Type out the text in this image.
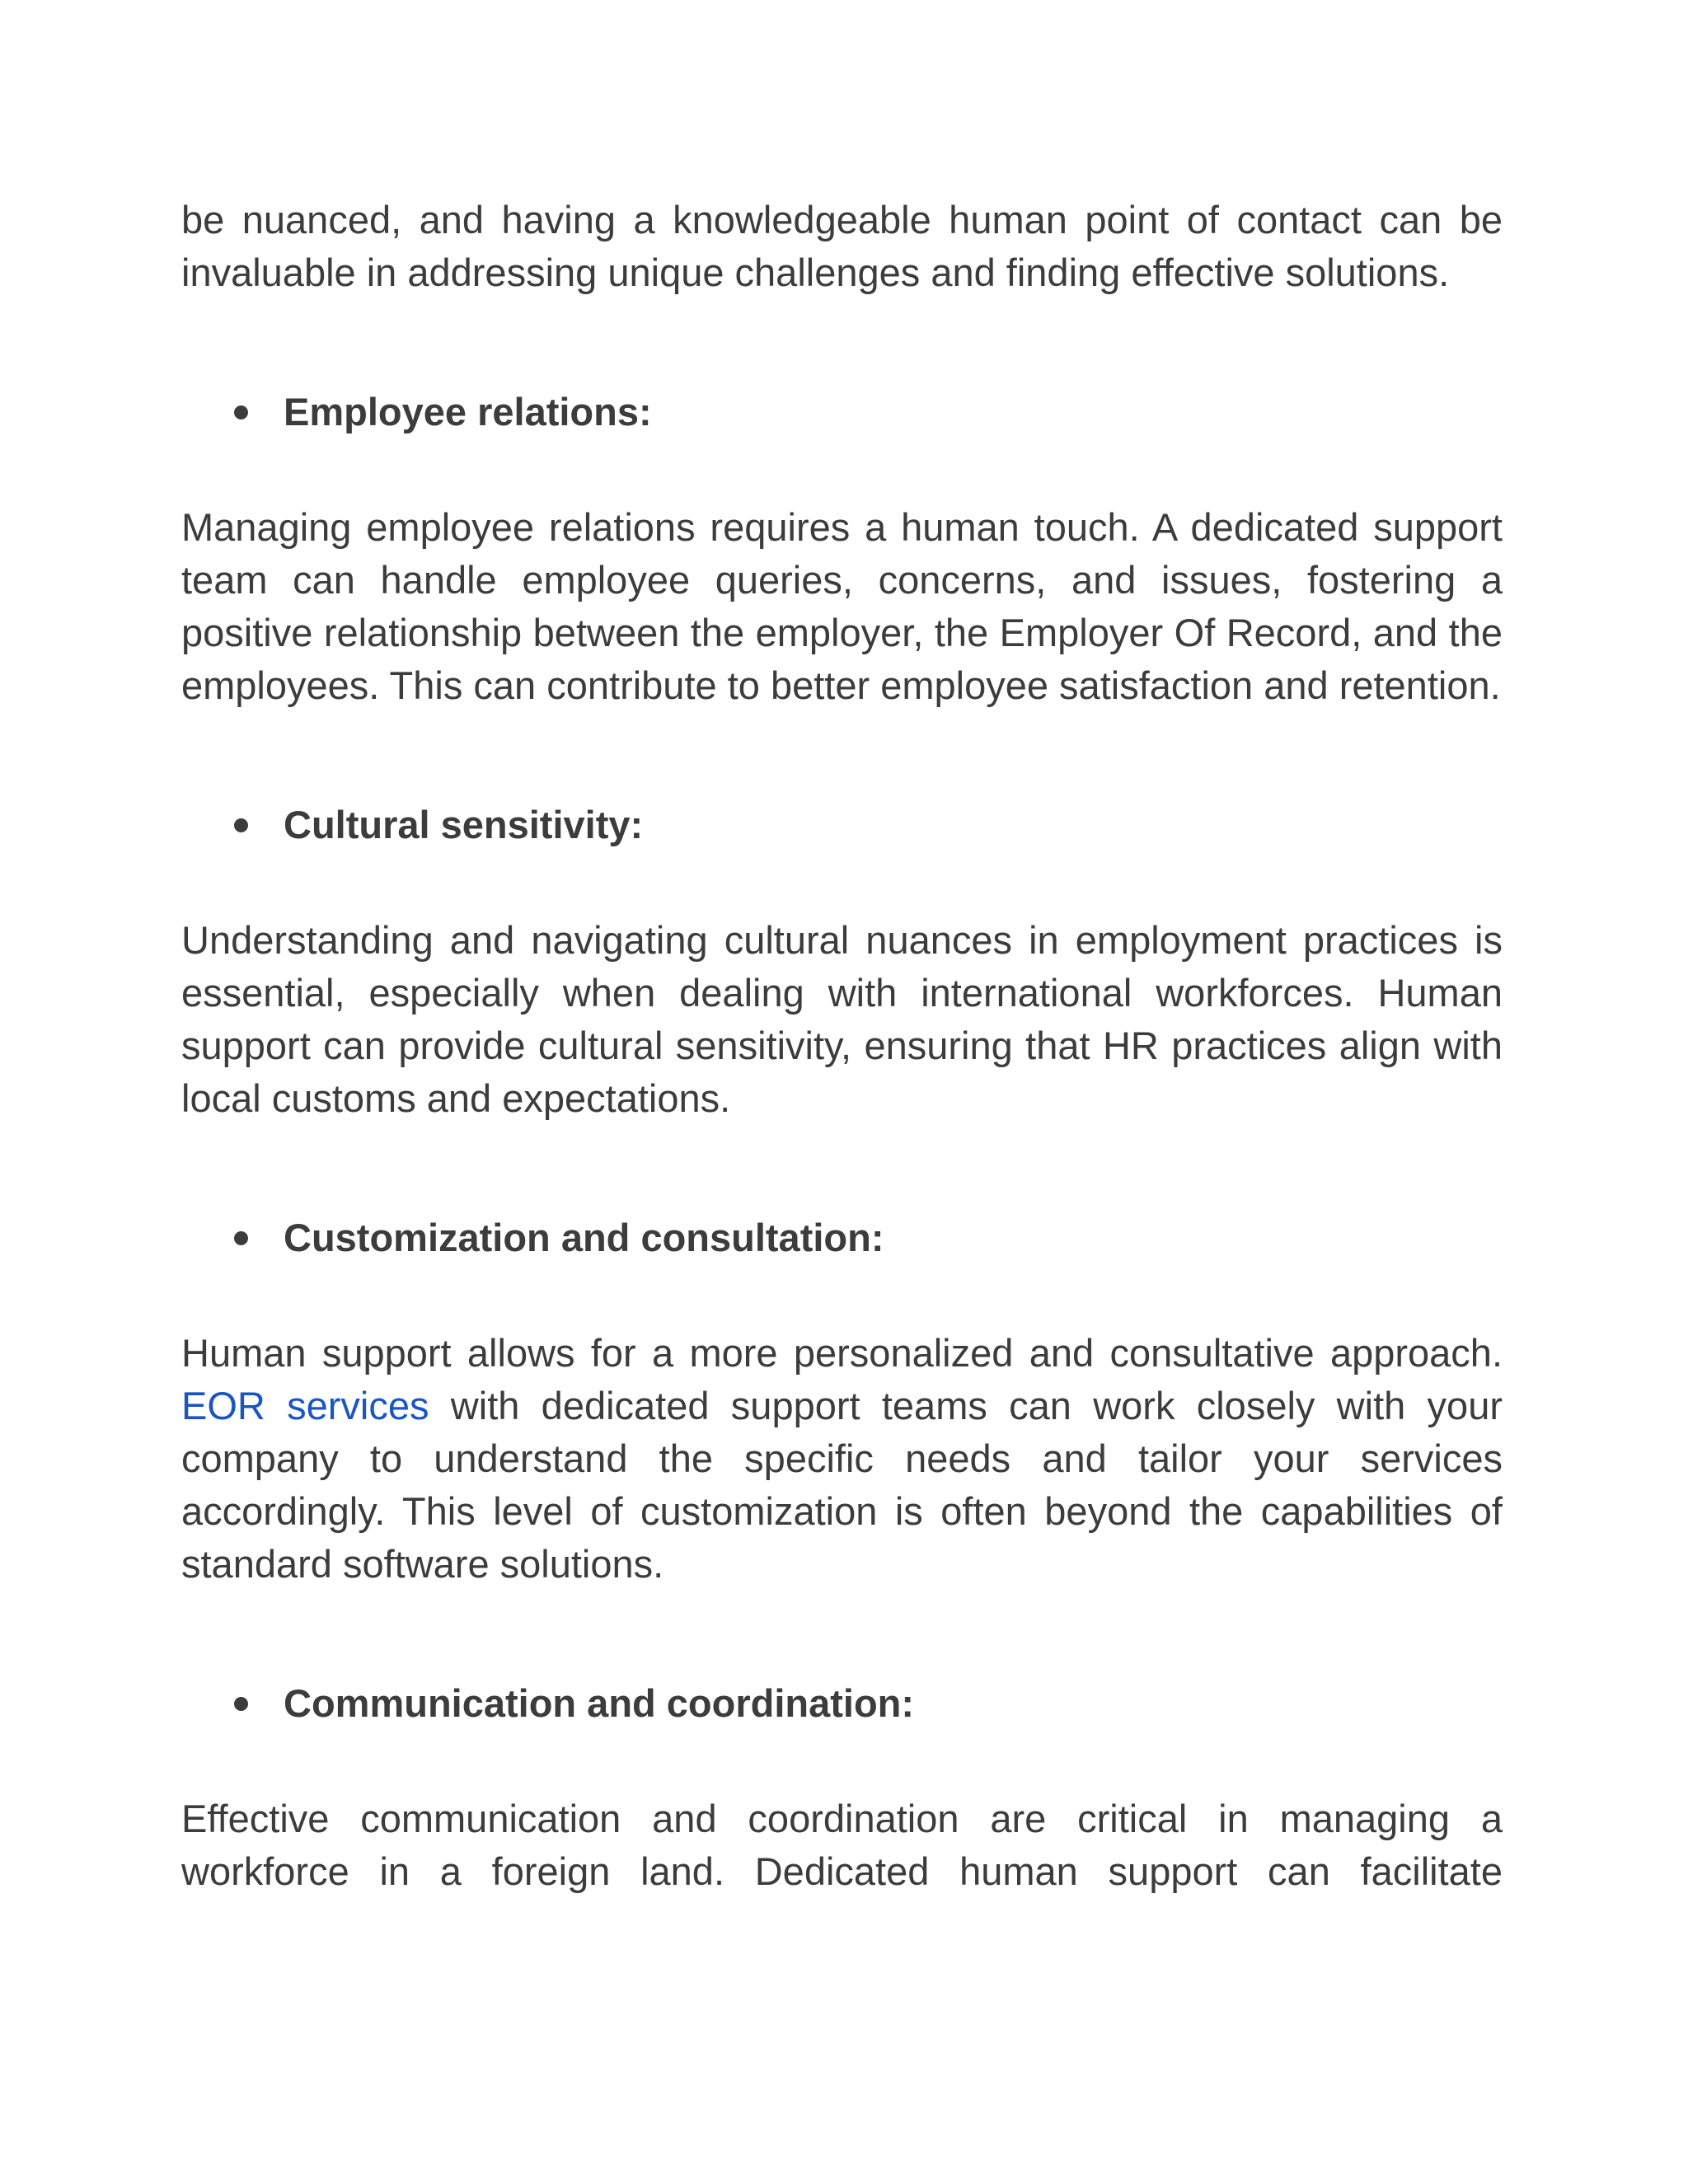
be nuanced, and having a knowledgeable human point of contact can be invaluable in addressing unique challenges and finding effective solutions.

Employee relations:

Managing employee relations requires a human touch. A dedicated support team can handle employee queries, concerns, and issues, fostering a positive relationship between the employer, the Employer Of Record, and the employees. This can contribute to better employee satisfaction and retention.

Cultural sensitivity:

Understanding and navigating cultural nuances in employment practices is essential, especially when dealing with international workforces. Human support can provide cultural sensitivity, ensuring that HR practices align with local customs and expectations.

Customization and consultation:

Human support allows for a more personalized and consultative approach. EOR services with dedicated support teams can work closely with your company to understand the specific needs and tailor your services accordingly. This level of customization is often beyond the capabilities of standard software solutions.

Communication and coordination:

Effective communication and coordination are critical in managing a workforce in a foreign land. Dedicated human support can facilitate
